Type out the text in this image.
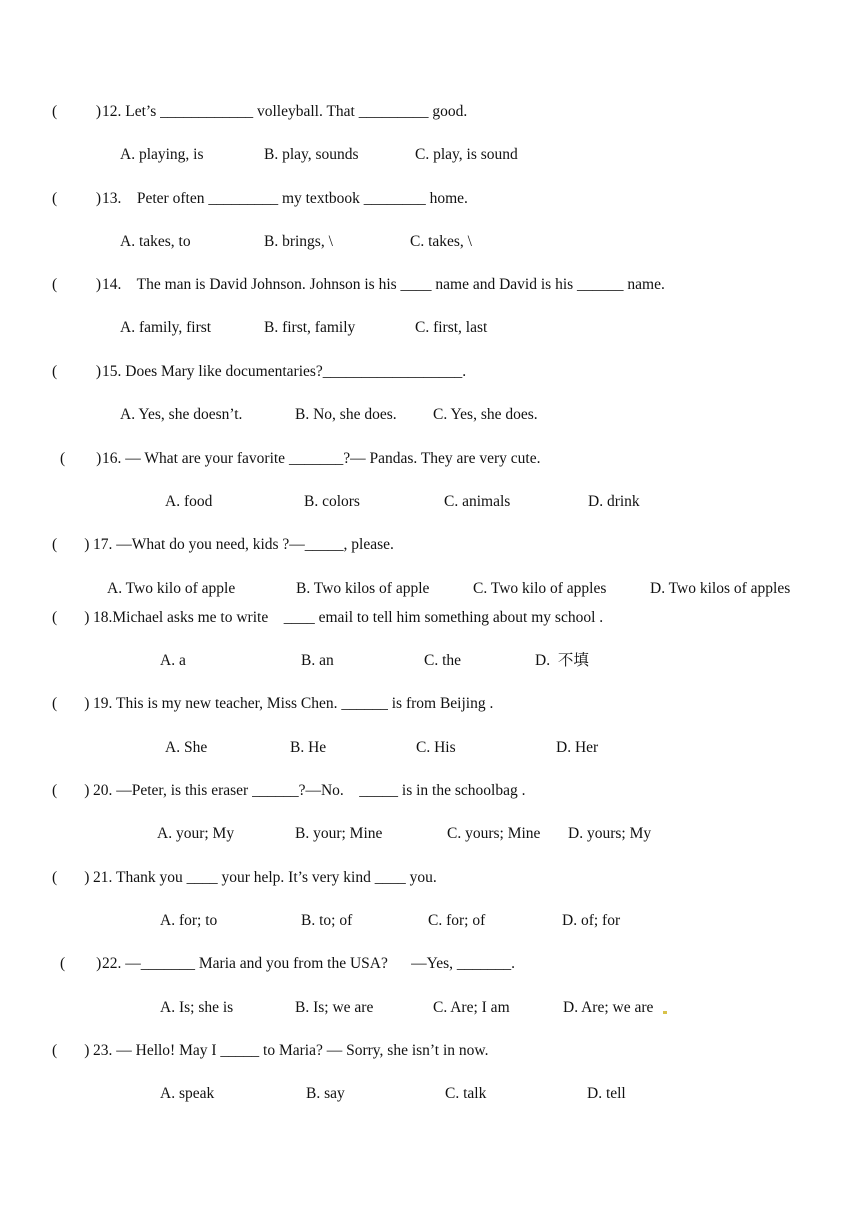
(          ) 12. Let’s ____________ volleyball. That _________ good.
A. playing, is	B. play, sounds	C. play, is sound
(          ) 13.    Peter often _________ my textbook ________ home.
A. takes, to	B. brings, \	C. takes, \
(          ) 14.    The man is David Johnson. Johnson is his ____ name and David is his ______ name.
A. family, first	B. first, family	C. first, last
(          ) 15. Does Mary like documentaries?__________________.
A. Yes, she doesn’t.	B. No, she does. C. Yes, she does.
(        ) 16. — What are your favorite _______?— Pandas. They are very cute.
A. food	B. colors	C. animals	D. drink
(       ) 17. —What do you need, kids ?—_____, please.
A. Two kilo of apple	B. Two kilos of apple	C. Two kilo of apples	D. Two kilos of apples
(       ) 18.Michael asks me to write    ____ email to tell him something about my school .
A. a	B. an	C. the	D.  不填
(       ) 19. This is my new teacher, Miss Chen. ______ is from Beijing .
A. She	B. He	C. His	D. Her
(       ) 20. —Peter, is this eraser ______?—No.    _____ is in the schoolbag .
A. your; My	B. your; Mine	C. yours; Mine D. yours; My
(       ) 21. Thank you ____ your help. It’s very kind ____ you.
A. for; to	B. to; of	C. for; of	D. of; for
(        ) 22. —_______ Maria and you from the USA?      —Yes, _______.
A. Is; she is	B. Is; we are	C. Are; I am	D. Are; we are
(       ) 23. — Hello! May I _____ to Maria? — Sorry, she isn’t in now.
A. speak	B. say	C. talk	D. tell
